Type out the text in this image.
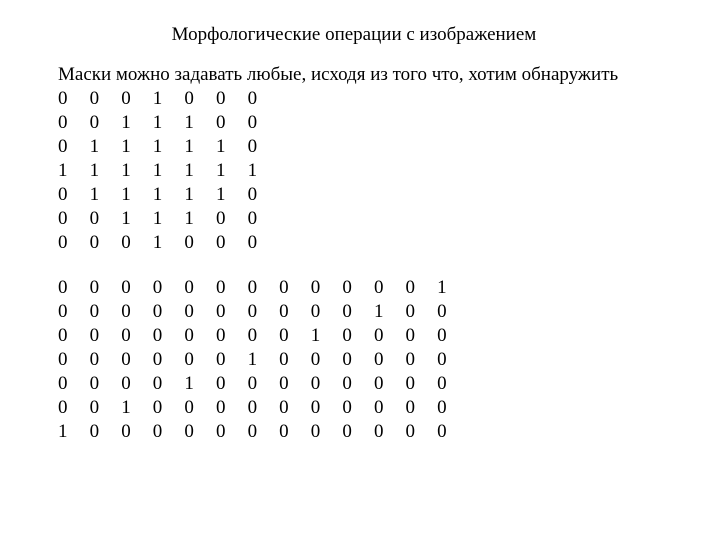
Морфологические операции с изображением
Маски можно задавать любые, исходя из того что, хотим обнаружить
0	0	0	1	0	0	0
0	0	1	1	1	0	0
0	1	1	1	1	1	0
1	1	1	1	1	1	1
0	1	1	1	1	1	0
0	0	1	1	1	0	0
0	0	0	1	0	0	0
0	0	0	0	0	0	0	0	0	0	0	0	1
0	0	0	0	0	0	0	0	0	0	1	0	0
0	0	0	0	0	0	0	0	1	0	0	0	0
0	0	0	0	0	0	1	0	0	0	0	0	0
0	0	0	0	1	0	0	0	0	0	0	0	0
0	0	1	0	0	0	0	0	0	0	0	0	0
1	0	0	0	0	0	0	0	0	0	0	0	0
